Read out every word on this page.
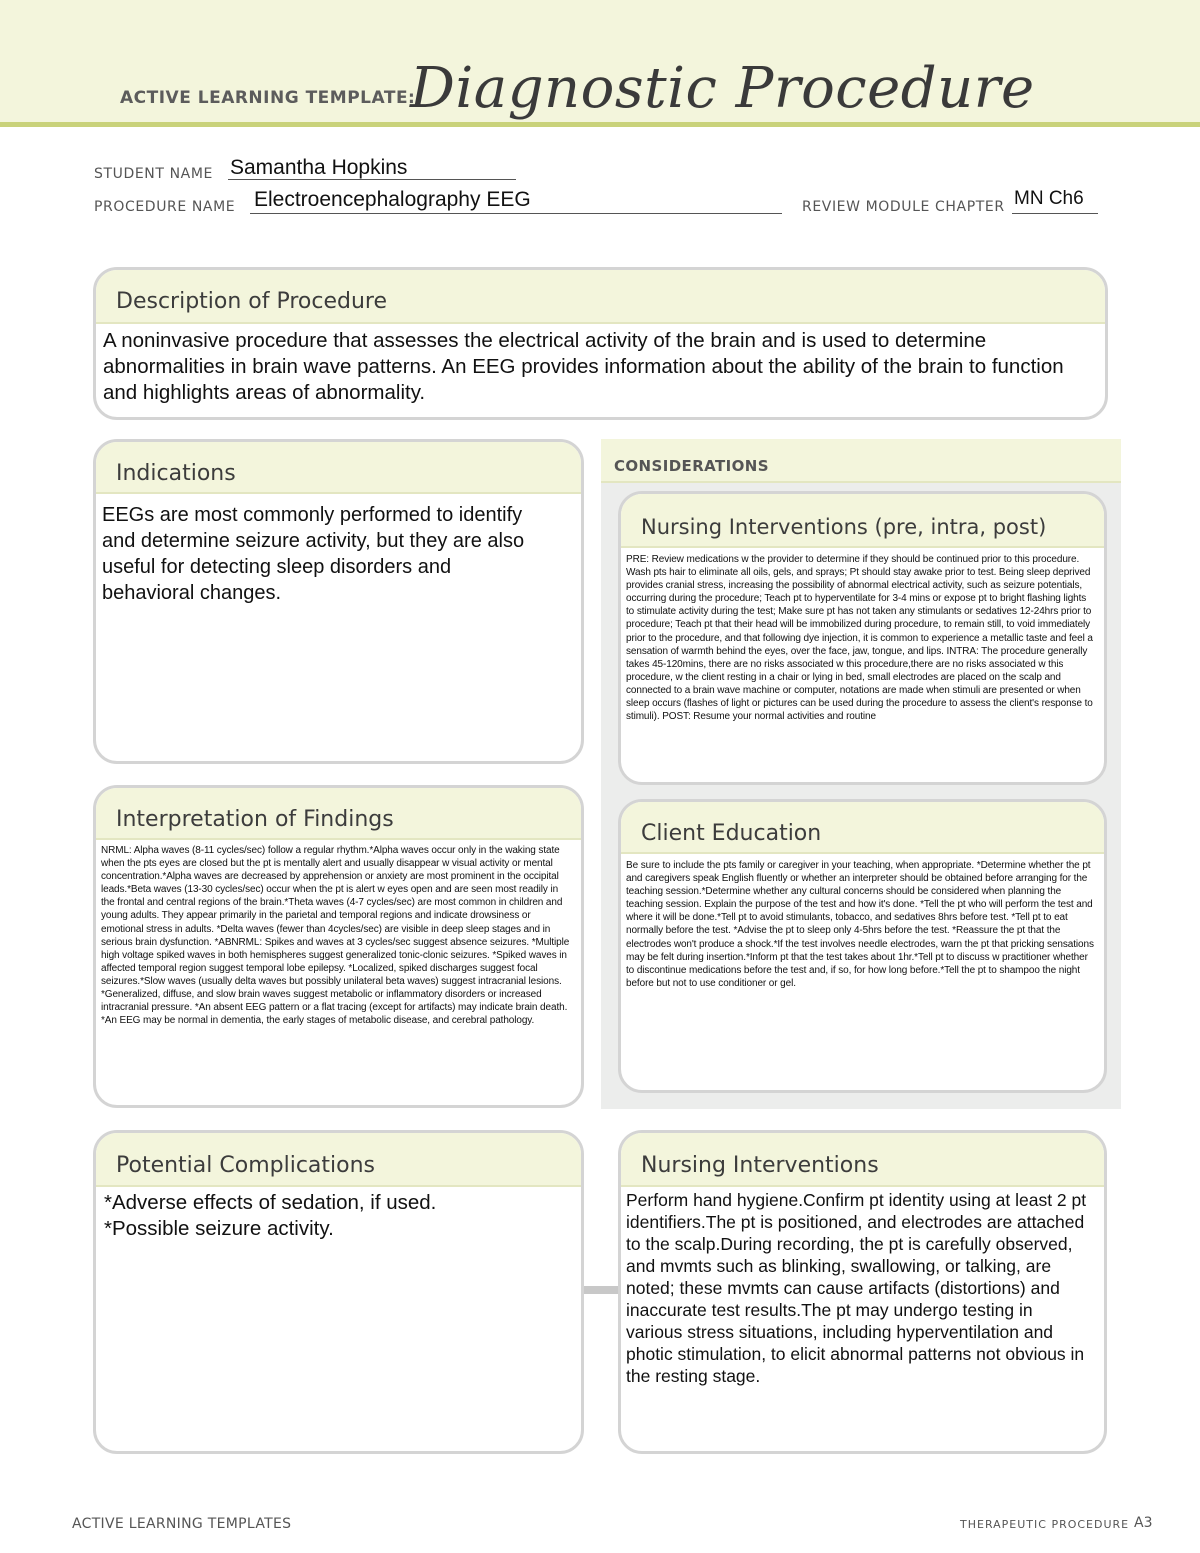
ACTIVE LEARNING TEMPLATE:
Diagnostic Procedure
STUDENT NAME Samantha Hopkins
PROCEDURE NAME Electroencephalography EEG	REVIEW MODULE CHAPTER MN Ch6
Description of Procedure
A noninvasive procedure that assesses the electrical activity of the brain and is used to determine abnormalities in brain wave patterns. An EEG provides information about the ability of the brain to function and highlights areas of abnormality.
Indications
EEGs are most commonly performed to identify and determine seizure activity, but they are also useful for detecting sleep disorders and behavioral changes.
CONSIDERATIONS
Nursing Interventions (pre, intra, post)
PRE: Review medications w the provider to determine if they should be continued prior to this procedure. Wash pts hair to eliminate all oils, gels, and sprays; Pt should stay awake prior to test. Being sleep deprived provides cranial stress, increasing the possibility of abnormal electrical activity, such as seizure potentials, occurring during the procedure; Teach pt to hyperventilate for 3-4 mins or expose pt to bright flashing lights to stimulate activity during the test; Make sure pt has not taken any stimulants or sedatives 12-24hrs prior to procedure; Teach pt that their head will be immobilized during procedure, to remain still, to void immediately prior to the procedure, and that following dye injection, it is common to experience a metallic taste and feel a sensation of warmth behind the eyes, over the face, jaw, tongue, and lips. INTRA: The procedure generally takes 45-120mins, there are no risks associated w this procedure,there are no risks associated w this procedure, w the client resting in a chair or lying in bed, small electrodes are placed on the scalp and connected to a brain wave machine or computer, notations are made when stimuli are presented or when sleep occurs (flashes of light or pictures can be used during the procedure to assess the client's response to stimuli). POST: Resume your normal activities and routine
Interpretation of Findings
NRML: Alpha waves (8-11 cycles/sec) follow a regular rhythm.*Alpha waves occur only in the waking state when the pts eyes are closed but the pt is mentally alert and usually disappear w visual activity or mental concentration.*Alpha waves are decreased by apprehension or anxiety are most prominent in the occipital leads.*Beta waves (13-30 cycles/sec) occur when the pt is alert w eyes open and are seen most readily in the frontal and central regions of the brain.*Theta waves (4-7 cycles/sec) are most common in children and young adults. They appear primarily in the parietal and temporal regions and indicate drowsiness or emotional stress in adults. *Delta waves (fewer than 4cycles/sec) are visible in deep sleep stages and in serious brain dysfunction. *ABNRML: Spikes and waves at 3 cycles/sec suggest absence seizures. *Multiple high voltage spiked waves in both hemispheres suggest generalized tonic-clonic seizures. *Spiked waves in affected temporal region suggest temporal lobe epilepsy. *Localized, spiked discharges suggest focal seizures.*Slow waves (usually delta waves but possibly unilateral beta waves) suggest intracranial lesions. *Generalized, diffuse, and slow brain waves suggest metabolic or inflammatory disorders or increased intracranial pressure. *An absent EEG pattern or a flat tracing (except for artifacts) may indicate brain death. *An EEG may be normal in dementia, the early stages of metabolic disease, and cerebral pathology.
Client Education
Be sure to include the pts family or caregiver in your teaching, when appropriate. *Determine whether the pt and caregivers speak English fluently or whether an interpreter should be obtained before arranging for the teaching session.*Determine whether any cultural concerns should be considered when planning the teaching session. Explain the purpose of the test and how it's done. *Tell the pt who will perform the test and where it will be done.*Tell pt to avoid stimulants, tobacco, and sedatives 8hrs before test. *Tell pt to eat normally before the test. *Advise the pt to sleep only 4-5hrs before the test. *Reassure the pt that the electrodes won't produce a shock.*If the test involves needle electrodes, warn the pt that pricking sensations may be felt during insertion.*Inform pt that the test takes about 1hr.*Tell pt to discuss w practitioner whether to discontinue medications before the test and, if so, for how long before.*Tell the pt to shampoo the night before but not to use conditioner or gel.
Potential Complications
*Adverse effects of sedation, if used.
*Possible seizure activity.
Nursing Interventions
Perform hand hygiene.Confirm pt identity using at least 2 pt identifiers.The pt is positioned, and electrodes are attached to the scalp.During recording, the pt is carefully observed, and mvmts such as blinking, swallowing, or talking, are noted; these mvmts can cause artifacts (distortions) and inaccurate test results.The pt may undergo testing in various stress situations, including hyperventilation and photic stimulation, to elicit abnormal patterns not obvious in the resting stage.
ACTIVE LEARNING TEMPLATES	THERAPEUTIC PROCEDURE A3
